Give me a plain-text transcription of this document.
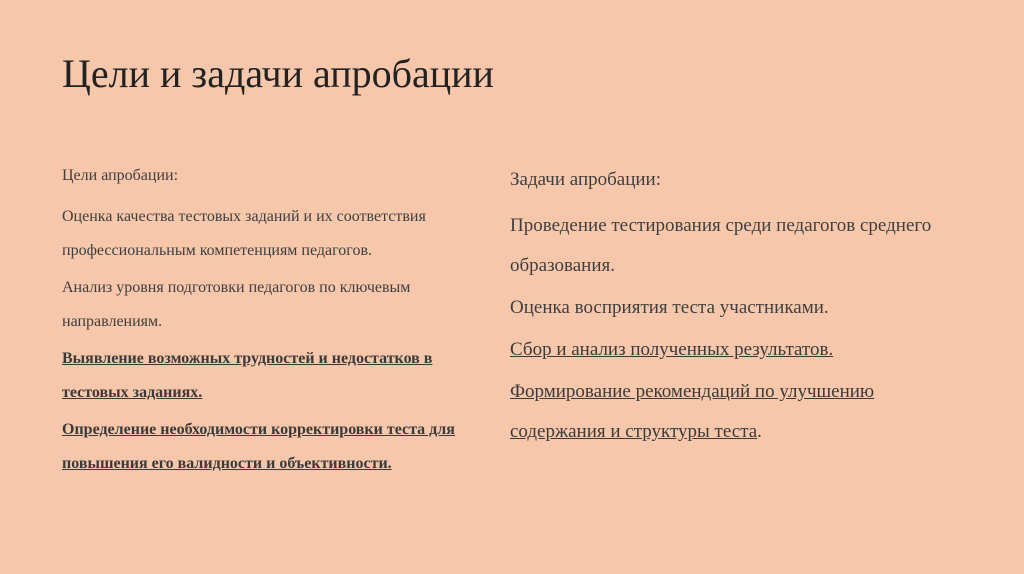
Цели и задачи апробации
Цели апробации:

Оценка качества тестовых заданий и их соответствия профессиональным компетенциям педагогов.

Анализ уровня подготовки педагогов по ключевым направлениям.

Выявление возможных трудностей и недостатков в тестовых заданиях.

Определение необходимости корректировки теста для повышения его валидности и объективности.

Задачи апробации:

Проведение тестирования среди педагогов среднего образования.

Оценка восприятия теста участниками.

Сбор и анализ полученных результатов.

Формирование рекомендаций по улучшению содержания и структуры теста.
